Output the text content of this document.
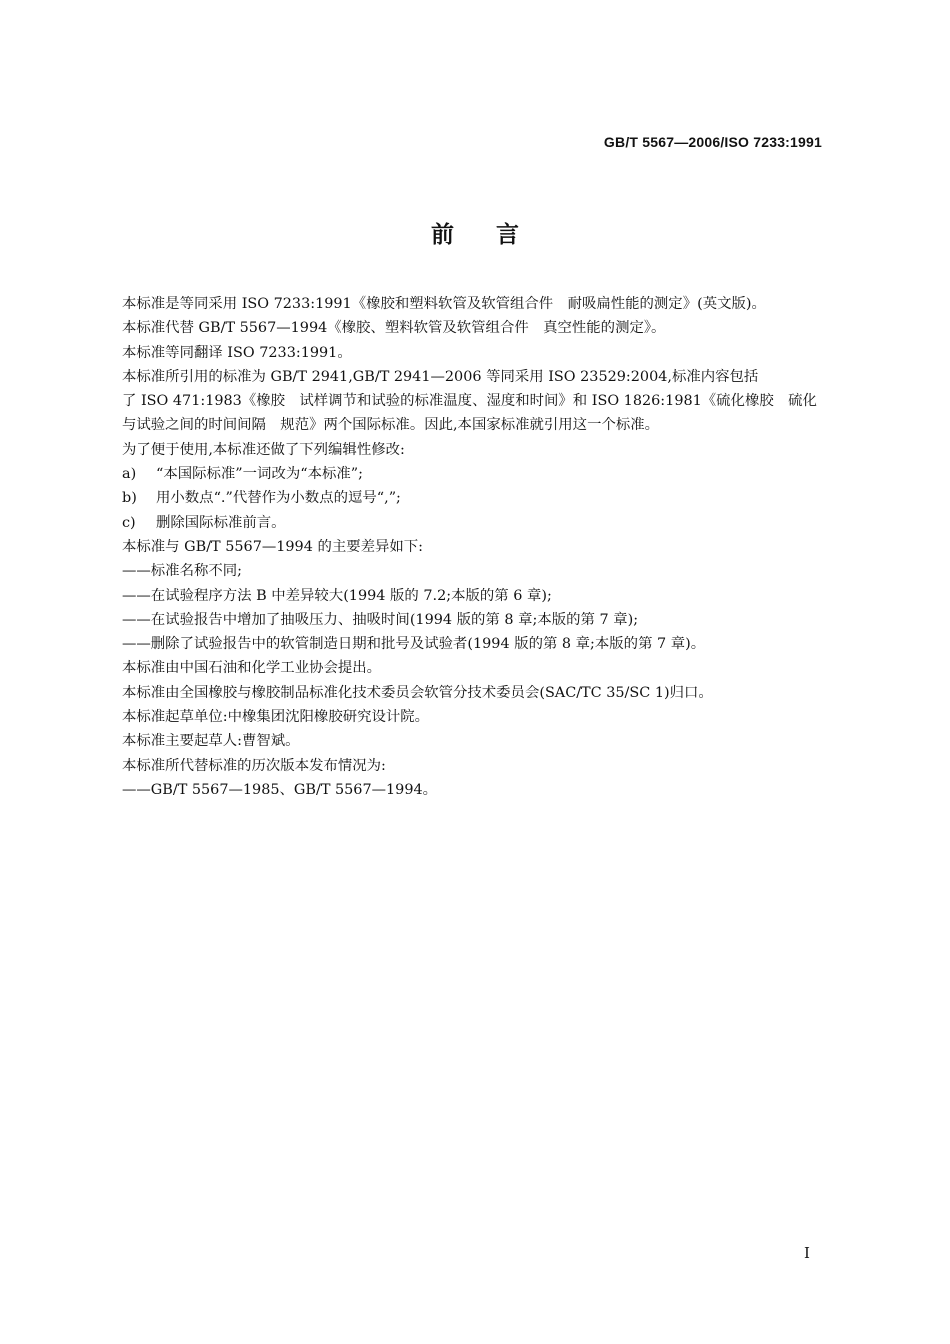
GB/T 5567—2006/ISO 7233:1991
前言
本标准是等同采用 ISO 7233:1991《橡胶和塑料软管及软管组合件　耐吸扁性能的测定》(英文版)。
本标准代替 GB/T 5567—1994《橡胶、塑料软管及软管组合件　真空性能的测定》。
本标准等同翻译 ISO 7233:1991。
本标准所引用的标准为 GB/T 2941,GB/T 2941—2006 等同采用 ISO 23529:2004,标准内容包括
了 ISO 471:1983《橡胶　试样调节和试验的标准温度、湿度和时间》和 ISO 1826:1981《硫化橡胶　硫化
与试验之间的时间间隔　规范》两个国际标准。因此,本国家标准就引用这一个标准。
为了便于使用,本标准还做了下列编辑性修改:
a) “本国际标准”一词改为“本标准”;
b) 用小数点“.”代替作为小数点的逗号“,”;
c) 删除国际标准前言。
本标准与 GB/T 5567—1994 的主要差异如下:
——标准名称不同;
——在试验程序方法 B 中差异较大(1994 版的 7.2;本版的第 6 章);
——在试验报告中增加了抽吸压力、抽吸时间(1994 版的第 8 章;本版的第 7 章);
——删除了试验报告中的软管制造日期和批号及试验者(1994 版的第 8 章;本版的第 7 章)。
本标准由中国石油和化学工业协会提出。
本标准由全国橡胶与橡胶制品标准化技术委员会软管分技术委员会(SAC/TC 35/SC 1)归口。
本标准起草单位:中橡集团沈阳橡胶研究设计院。
本标准主要起草人:曹智斌。
本标准所代替标准的历次版本发布情况为:
——GB/T 5567—1985、GB/T 5567—1994。
I
